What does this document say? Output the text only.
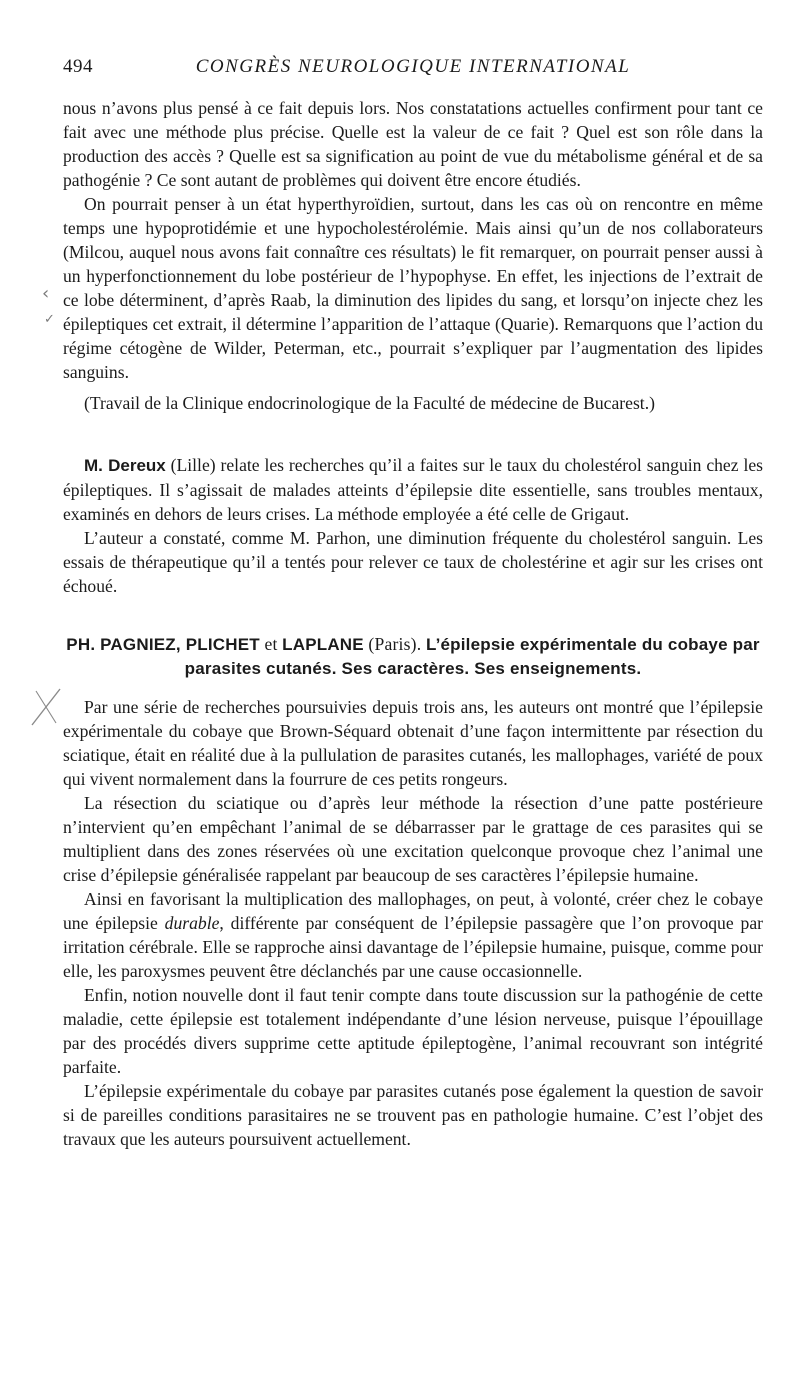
494	CONGRÈS NEUROLOGIQUE INTERNATIONAL

nous n’avons plus pensé à ce fait depuis lors. Nos constatations actuelles confirment pour tant ce fait avec une méthode plus précise. Quelle est la valeur de ce fait ? Quel est son rôle dans la production des accès ? Quelle est sa signification au point de vue du métabolisme général et de sa pathogénie ? Ce sont autant de problèmes qui doivent être encore étudiés.

On pourrait penser à un état hyperthyroïdien, surtout, dans les cas où on rencontre en même temps une hypoprotidémie et une hypocholestérolémie. Mais ainsi qu’un de nos collaborateurs (Milcou, auquel nous avons fait connaître ces résultats) le fit remarquer, on pourrait penser aussi à un hyperfonctionnement du lobe postérieur de l’hypophyse. En effet, les injections de l’extrait de ce lobe déterminent, d’après Raab, la diminution des lipides du sang, et lorsqu’on injecte chez les épileptiques cet extrait, il détermine l’apparition de l’attaque (Quarie). Remarquons que l’action du régime cétogène de Wilder, Peterman, etc., pourrait s’expliquer par l’augmentation des lipides sanguins.

(Travail de la Clinique endocrinologique de la Faculté de médecine de Bucarest.)

M. Dereux (Lille) relate les recherches qu’il a faites sur le taux du cholestérol sanguin chez les épileptiques. Il s’agissait de malades atteints d’épilepsie dite essentielle, sans troubles mentaux, examinés en dehors de leurs crises. La méthode employée a été celle de Grigaut.

L’auteur a constaté, comme M. Parhon, une diminution fréquente du cholestérol sanguin. Les essais de thérapeutique qu’il a tentés pour relever ce taux de cholestérine et agir sur les crises ont échoué.

PH. PAGNIEZ, PLICHET et LAPLANE (Paris). L’épilepsie expérimentale du cobaye par parasites cutanés. Ses caractères. Ses enseignements.

Par une série de recherches poursuivies depuis trois ans, les auteurs ont montré que l’épilepsie expérimentale du cobaye que Brown-Séquard obtenait d’une façon intermittente par résection du sciatique, était en réalité due à la pullulation de parasites cutanés, les mallophages, variété de poux qui vivent normalement dans la fourrure de ces petits rongeurs.

La résection du sciatique ou d’après leur méthode la résection d’une patte postérieure n’intervient qu’en empêchant l’animal de se débarrasser par le grattage de ces parasites qui se multiplient dans des zones réservées où une excitation quelconque provoque chez l’animal une crise d’épilepsie généralisée rappelant par beaucoup de ses caractères l’épilepsie humaine.

Ainsi en favorisant la multiplication des mallophages, on peut, à volonté, créer chez le cobaye une épilepsie durable, différente par conséquent de l’épilepsie passagère que l’on provoque par irritation cérébrale. Elle se rapproche ainsi davantage de l’épilepsie humaine, puisque, comme pour elle, les paroxysmes peuvent être déclanchés par une cause occasionnelle.

Enfin, notion nouvelle dont il faut tenir compte dans toute discussion sur la pathogénie de cette maladie, cette épilepsie est totalement indépendante d’une lésion nerveuse, puisque l’épouillage par des procédés divers supprime cette aptitude épileptogène, l’animal recouvrant son intégrité parfaite.

L’épilepsie expérimentale du cobaye par parasites cutanés pose également la question de savoir si de pareilles conditions parasitaires ne se trouvent pas en pathologie humaine. C’est l’objet des travaux que les auteurs poursuivent actuellement.

‹
✓
